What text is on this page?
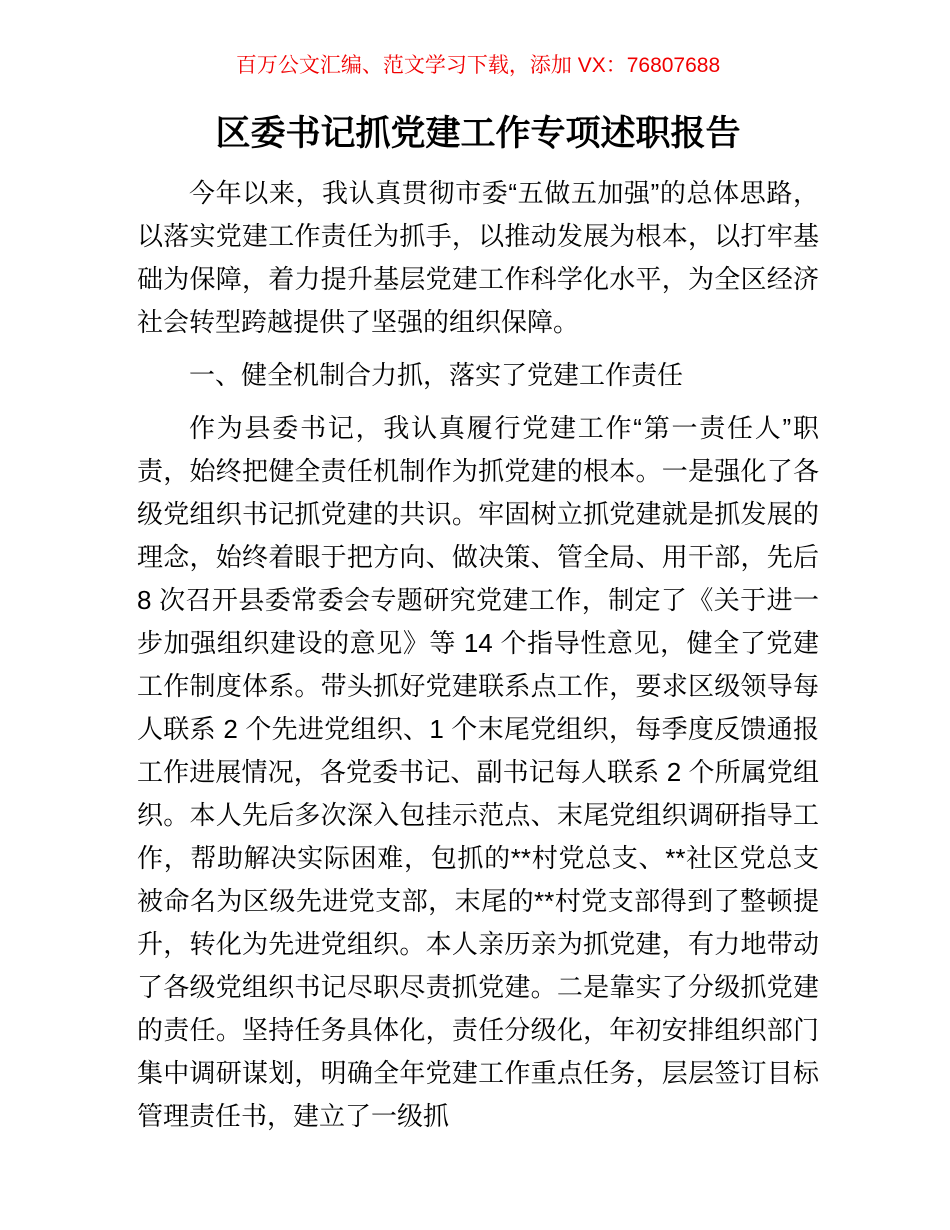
百万公文汇编、范文学习下载，添加 VX：76807688
区委书记抓党建工作专项述职报告

今年以来，我认真贯彻市委“五做五加强”的总体思路，以落实党建工作责任为抓手，以推动发展为根本，以打牢基础为保障，着力提升基层党建工作科学化水平，为全区经济社会转型跨越提供了坚强的组织保障。

一、健全机制合力抓，落实了党建工作责任

作为县委书记，我认真履行党建工作“第一责任人”职责，始终把健全责任机制作为抓党建的根本。一是强化了各级党组织书记抓党建的共识。牢固树立抓党建就是抓发展的理念，始终着眼于把方向、做决策、管全局、用干部，先后 8 次召开县委常委会专题研究党建工作，制定了《关于进一步加强组织建设的意见》等 14 个指导性意见，健全了党建工作制度体系。带头抓好党建联系点工作，要求区级领导每人联系 2 个先进党组织、1 个末尾党组织，每季度反馈通报工作进展情况，各党委书记、副书记每人联系 2 个所属党组织。本人先后多次深入包挂示范点、末尾党组织调研指导工作，帮助解决实际困难，包抓的**村党总支、**社区党总支被命名为区级先进党支部，末尾的**村党支部得到了整顿提升，转化为先进党组织。本人亲历亲为抓党建，有力地带动了各级党组织书记尽职尽责抓党建。二是靠实了分级抓党建的责任。坚持任务具体化，责任分级化，年初安排组织部门集中调研谋划，明确全年党建工作重点任务，层层签订目标管理责任书，建立了一级抓
